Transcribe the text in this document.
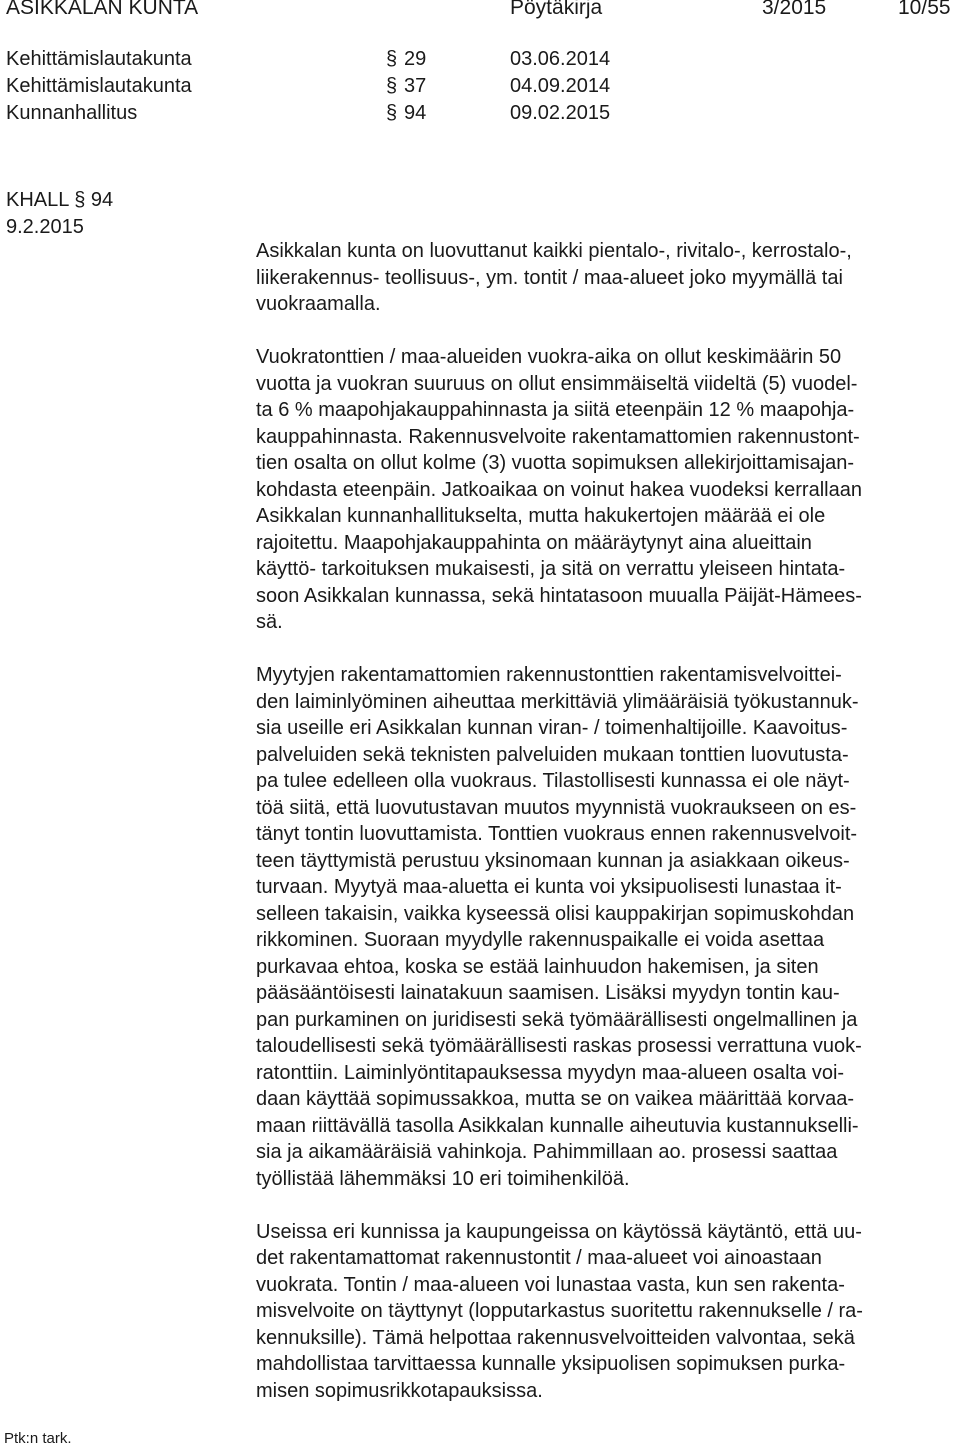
ASIKKALAN KUNTA	Pöytäkirja	3/2015	10/55
Kehittämislautakunta	§ 29	03.06.2014
Kehittämislautakunta	§ 37	04.09.2014
Kunnanhallitus	§ 94	09.02.2015
KHALL § 94
9.2.2015

Asikkalan kunta on luovuttanut kaikki pientalo-, rivitalo-, kerrostalo-,
liikerakennus- teollisuus-, ym. tontit / maa-alueet joko myymällä tai
vuokraamalla.

Vuokratonttien / maa-alueiden vuokra-aika on ollut keskimäärin 50
vuotta ja vuokran suuruus on ollut ensimmäiseltä viideltä (5) vuodel-
ta 6 % maapohjakauppahinnasta ja siitä eteenpäin 12 % maapohja-
kauppahinnasta. Rakennusvelvoite rakentamattomien rakennustont-
tien osalta on ollut kolme (3) vuotta sopimuksen allekirjoittamisajan-
kohdasta eteenpäin. Jatkoaikaa on voinut hakea vuodeksi kerrallaan
Asikkalan kunnanhallitukselta, mutta hakukertojen määrää ei ole
rajoitettu. Maapohjakauppahinta on määräytynyt aina alueittain
käyttö- tarkoituksen mukaisesti, ja sitä on verrattu yleiseen hintata-
soon Asikkalan kunnassa, sekä hintatasoon muualla Päijät-Hämees-
sä.

Myytyjen rakentamattomien rakennustonttien rakentamisvelvoittei-
den laiminlyöminen aiheuttaa merkittäviä ylimääräisiä työkustannuk-
sia useille eri Asikkalan kunnan viran- / toimenhaltijoille. Kaavoitus-
palveluiden sekä teknisten palveluiden mukaan tonttien luovutusta-
pa tulee edelleen olla vuokraus. Tilastollisesti kunnassa ei ole näyt-
töä siitä, että luovutustavan muutos myynnistä vuokraukseen on es-
tänyt tontin luovuttamista. Tonttien vuokraus ennen rakennusvelvoit-
teen täyttymistä perustuu yksinomaan kunnan ja asiakkaan oikeus-
turvaan. Myytyä maa-aluetta ei kunta voi yksipuolisesti lunastaa it-
selleen takaisin, vaikka kyseessä olisi kauppakirjan sopimuskohdan
rikkominen. Suoraan myydylle rakennuspaikalle ei voida asettaa
purkavaa ehtoa, koska se estää lainhuudon hakemisen, ja siten
pääsääntöisesti lainatakuun saamisen. Lisäksi myydyn tontin kau-
pan purkaminen on juridisesti sekä työmäärällisesti ongelmallinen ja
taloudellisesti sekä työmäärällisesti raskas prosessi verrattuna vuok-
ratonttiin. Laiminlyöntitapauksessa myydyn maa-alueen osalta voi-
daan käyttää sopimussakkoa, mutta se on vaikea määrittää korvaa-
maan riittävällä tasolla Asikkalan kunnalle aiheutuvia kustannukselli-
sia ja aikamääräisiä vahinkoja. Pahimmillaan ao. prosessi saattaa
työllistää lähemmäksi 10 eri toimihenkilöä.

Useissa eri kunnissa ja kaupungeissa on käytössä käytäntö, että uu-
det rakentamattomat rakennustontit / maa-alueet voi ainoastaan
vuokrata. Tontin / maa-alueen voi lunastaa vasta, kun sen rakenta-
misvelvoite on täyttynyt (lopputarkastus suoritettu rakennukselle / ra-
kennuksille). Tämä helpottaa rakennusvelvoitteiden valvontaa, sekä
mahdollistaa tarvittaessa kunnalle yksipuolisen sopimuksen purka-
misen sopimusrikkotapauksissa.

Ptk:n tark.
